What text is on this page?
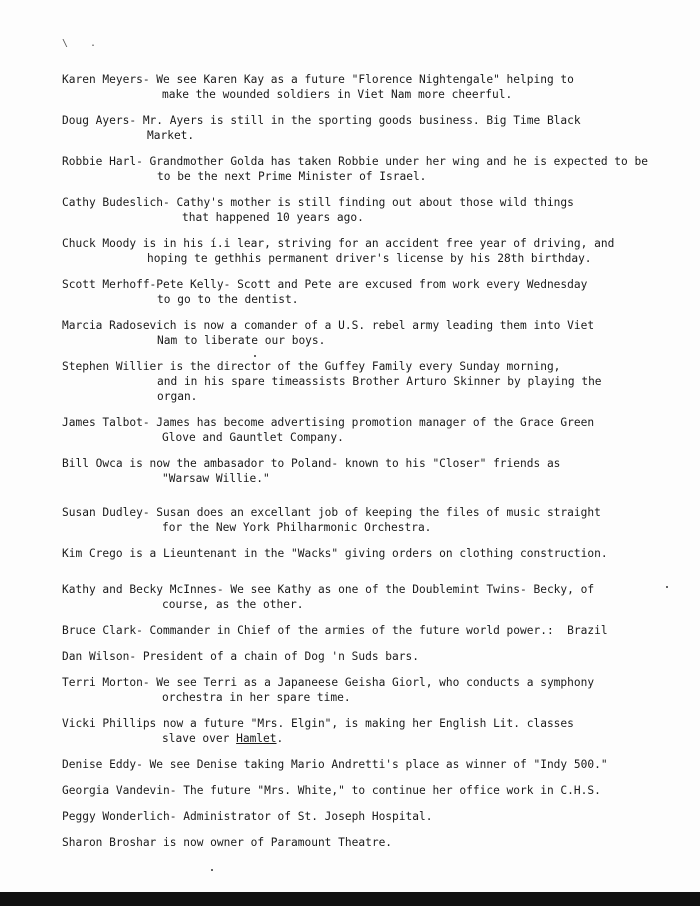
\ .
Karen Meyers- We see Karen Kay as a future "Florence Nightengale" helping to
make the wounded soldiers in Viet Nam more cheerful.
Doug Ayers- Mr. Ayers is still in the sporting goods business. Big Time Black
Market.
Robbie Harl- Grandmother Golda has taken Robbie under her wing and he is expected to be
to be the next Prime Minister of Israel.
Cathy Budeslich- Cathy's mother is still finding out about those wild things
that happened 10 years ago.
Chuck Moody is in his í.i lear, striving for an accident free year of driving, and
hoping te gethhis permanent driver's license by his 28th birthday.
Scott Merhoff-Pete Kelly- Scott and Pete are excused from work every Wednesday
to go to the dentist.
Marcia Radosevich is now a comander of a U.S. rebel army leading them into Viet
Nam to liberate our boys.
Stephen Willier is the director of the Guffey Family every Sunday morning,
and in his spare timeassists Brother Arturo Skinner by playing the
organ.
James Talbot- James has become advertising promotion manager of the Grace Green
Glove and Gauntlet Company.
Bill Owca is now the ambasador to Poland- known to his "Closer" friends as
"Warsaw Willie."
Susan Dudley- Susan does an excellant job of keeping the files of music straight
for the New York Philharmonic Orchestra.
Kim Crego is a Lieuntenant in the "Wacks" giving orders on clothing construction.
Kathy and Becky McInnes- We see Kathy as one of the Doublemint Twins- Becky, of
course, as the other.
Bruce Clark- Commander in Chief of the armies of the future world power.:  Brazil
Dan Wilson- President of a chain of Dog 'n Suds bars.
Terri Morton- We see Terri as a Japaneese Geisha Giorl, who conducts a symphony
orchestra in her spare time.
Vicki Phillips now a future "Mrs. Elgin", is making her English Lit. classes
slave over Hamlet.
Denise Eddy- We see Denise taking Mario Andretti's place as winner of "Indy 500."
Georgia Vandevin- The future "Mrs. White," to continue her office work in C.H.S.
Peggy Wonderlich- Administrator of St. Joseph Hospital.
Sharon Broshar is now owner of Paramount Theatre.
